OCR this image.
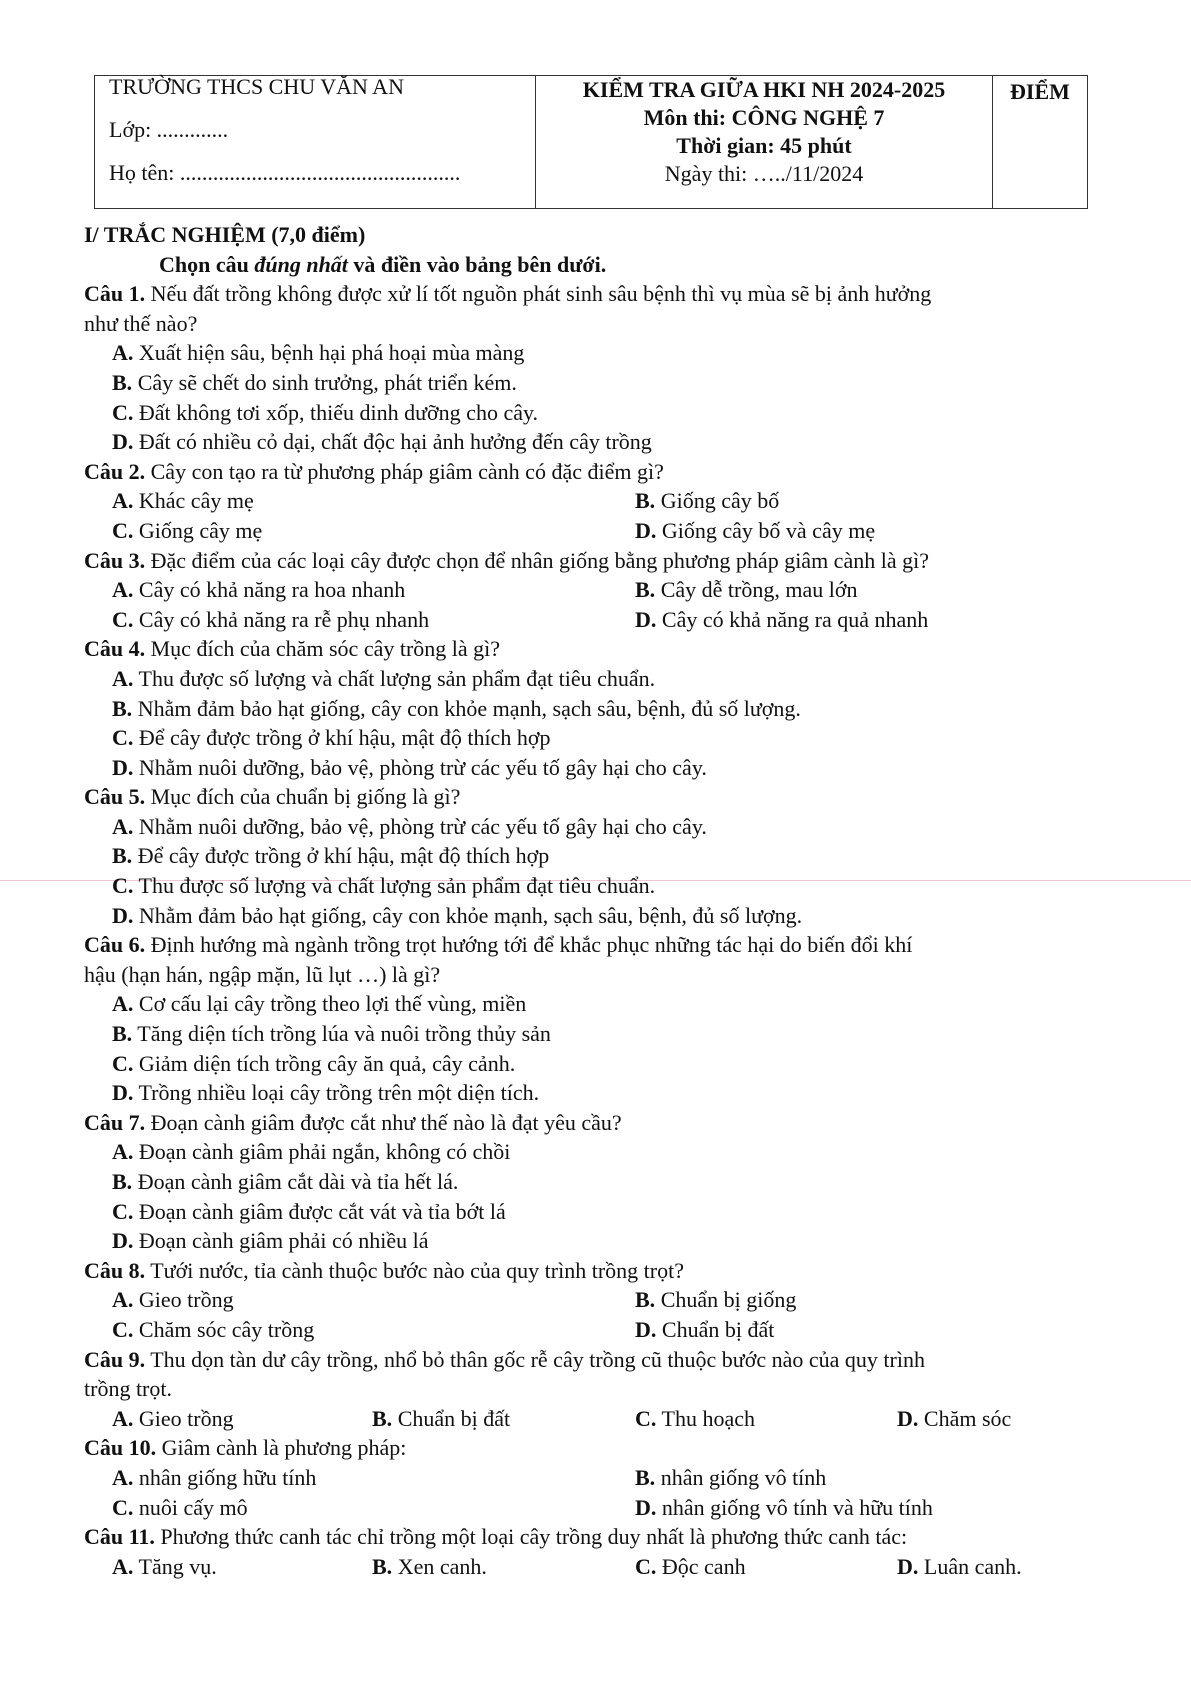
TRƯỜNG THCS CHU VĂN AN
Lớp: .............
Họ tên: ...................................................

KIỂM TRA GIỮA HKI NH 2024-2025
Môn thi: CÔNG NGHỆ 7
Thời gian: 45 phút
Ngày thi: …../11/2024

ĐIỂM
I/ TRẮC NGHIỆM (7,0 điểm)
Chọn câu đúng nhất và điền vào bảng bên dưới.
Câu 1. Nếu đất trồng không được xử lí tốt nguồn phát sinh sâu bệnh thì vụ mùa sẽ bị ảnh hưởng
như thế nào?
A. Xuất hiện sâu, bệnh hại phá hoại mùa màng
B. Cây sẽ chết do sinh trưởng, phát triển kém.
C. Đất không tơi xốp, thiếu dinh dưỡng cho cây.
D. Đất có nhiều cỏ dại, chất độc hại ảnh hưởng đến cây trồng
Câu 2. Cây con tạo ra từ phương pháp giâm cành có đặc điểm gì?
A. Khác cây mẹ	B. Giống cây bố
C. Giống cây mẹ	D. Giống cây bố và cây mẹ
Câu 3. Đặc điểm của các loại cây được chọn để nhân giống bằng phương pháp giâm cành là gì?
A. Cây có khả năng ra hoa nhanh	B. Cây dễ trồng, mau lớn
C. Cây có khả năng ra rễ phụ nhanh	D. Cây có khả năng ra quả nhanh
Câu 4. Mục đích của chăm sóc cây trồng là gì?
A. Thu được số lượng và chất lượng sản phẩm đạt tiêu chuẩn.
B. Nhằm đảm bảo hạt giống, cây con khỏe mạnh, sạch sâu, bệnh, đủ số lượng.
C. Để cây được trồng ở khí hậu, mật độ thích hợp
D. Nhằm nuôi dưỡng, bảo vệ, phòng trừ các yếu tố gây hại cho cây.
Câu 5. Mục đích của chuẩn bị giống là gì?
A. Nhằm nuôi dưỡng, bảo vệ, phòng trừ các yếu tố gây hại cho cây.
B. Để cây được trồng ở khí hậu, mật độ thích hợp
C. Thu được số lượng và chất lượng sản phẩm đạt tiêu chuẩn.
D. Nhằm đảm bảo hạt giống, cây con khỏe mạnh, sạch sâu, bệnh, đủ số lượng.
Câu 6. Định hướng mà ngành trồng trọt hướng tới để khắc phục những tác hại do biến đổi khí
hậu (hạn hán, ngập mặn, lũ lụt …) là gì?
A. Cơ cấu lại cây trồng theo lợi thế vùng, miền
B. Tăng diện tích trồng lúa và nuôi trồng thủy sản
C. Giảm diện tích trồng cây ăn quả, cây cảnh.
D. Trồng nhiều loại cây trồng trên một diện tích.
Câu 7. Đoạn cành giâm được cắt như thế nào là đạt yêu cầu?
A. Đoạn cành giâm phải ngắn, không có chồi
B. Đoạn cành giâm cắt dài và tỉa hết lá.
C. Đoạn cành giâm được cắt vát và tỉa bớt lá
D. Đoạn cành giâm phải có nhiều lá
Câu 8. Tưới nước, tỉa cành thuộc bước nào của quy trình trồng trọt?
A. Gieo trồng	B. Chuẩn bị giống
C. Chăm sóc cây trồng	D. Chuẩn bị đất
Câu 9. Thu dọn tàn dư cây trồng, nhổ bỏ thân gốc rễ cây trồng cũ thuộc bước nào của quy trình
trồng trọt.
A. Gieo trồng	B. Chuẩn bị đất	C. Thu hoạch	D. Chăm sóc
Câu 10. Giâm cành là phương pháp:
A. nhân giống hữu tính	B. nhân giống vô tính
C. nuôi cấy mô	D. nhân giống vô tính và hữu tính
Câu 11. Phương thức canh tác chỉ trồng một loại cây trồng duy nhất là phương thức canh tác:
A. Tăng vụ.	B. Xen canh.	C. Độc canh	D. Luân canh.
